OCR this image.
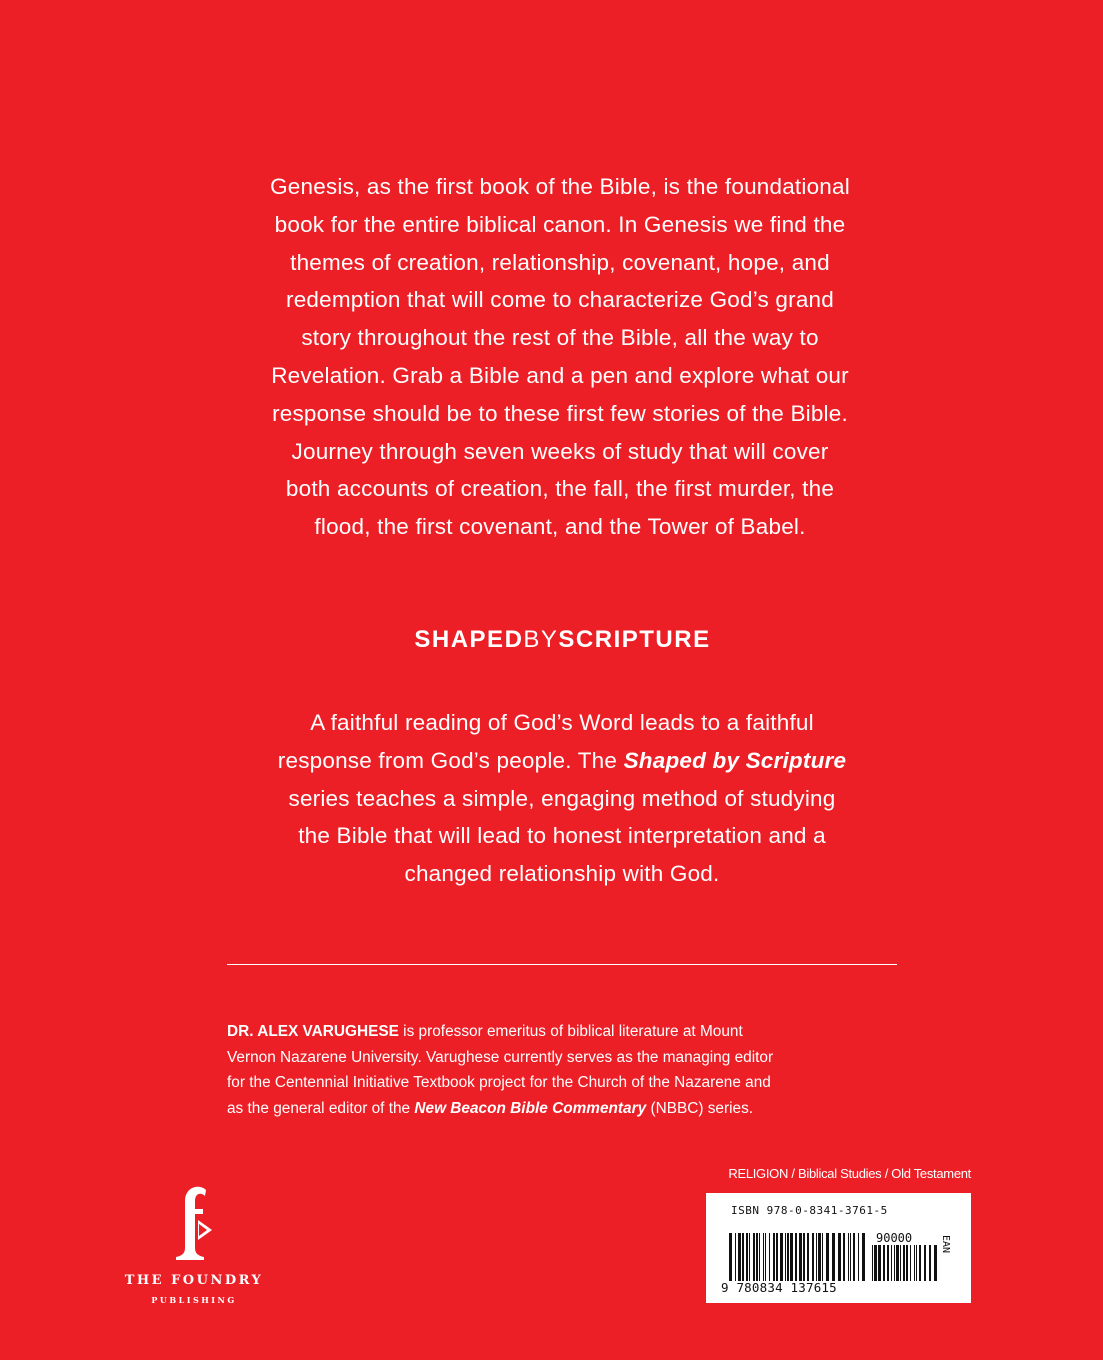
Genesis, as the first book of the Bible, is the foundational
book for the entire biblical canon. In Genesis we find the
themes of creation, relationship, covenant, hope, and
redemption that will come to characterize God’s grand
story throughout the rest of the Bible, all the way to
Revelation. Grab a Bible and a pen and explore what our
response should be to these first few stories of the Bible.
Journey through seven weeks of study that will cover
both accounts of creation, the fall, the first murder, the
flood, the first covenant, and the Tower of Babel.

SHAPEDBYSCRIPTURE

A faithful reading of God’s Word leads to a faithful
response from God’s people. The Shaped by Scripture
series teaches a simple, engaging method of studying
the Bible that will lead to honest interpretation and a
changed relationship with God.

DR. ALEX VARUGHESE is professor emeritus of biblical literature at Mount
Vernon Nazarene University. Varughese currently serves as the managing editor
for the Centennial Initiative Textbook project for the Church of the Nazarene and
as the general editor of the New Beacon Bible Commentary (NBBC) series.

RELIGION / Biblical Studies / Old Testament
ISBN 978-0-8341-3761-5
90000
9 780834 137615
EAN
THE FOUNDRY
PUBLISHING
